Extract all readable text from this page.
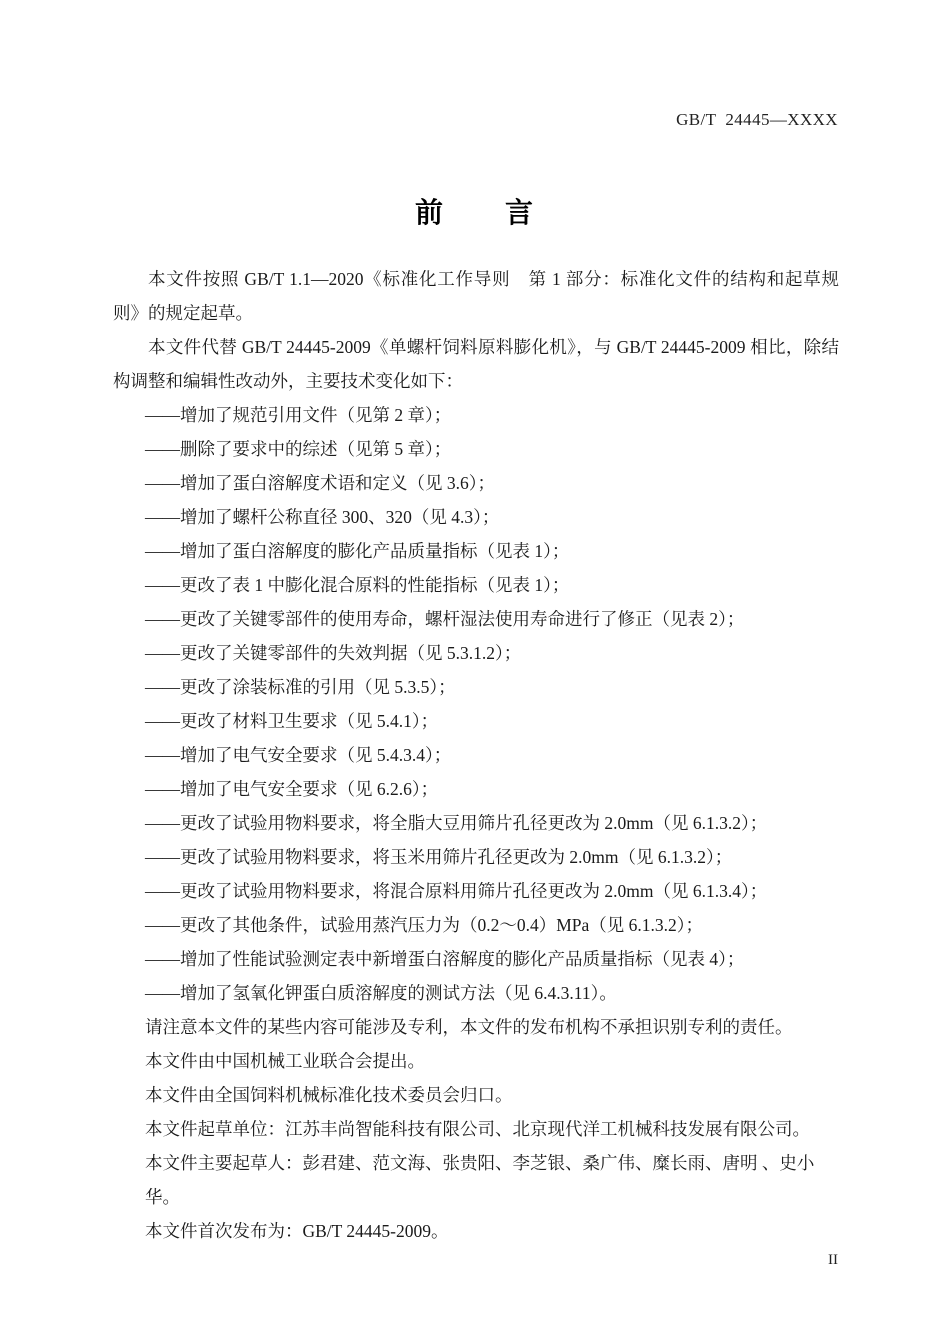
GB/T  24445—XXXX
前　　言

本文件按照 GB/T 1.1—2020《标准化工作导则　第 1 部分：标准化文件的结构和起草规则》的规定起草。

本文件代替 GB/T 24445-2009《单螺杆饲料原料膨化机》，与 GB/T 24445-2009 相比，除结构调整和编辑性改动外，主要技术变化如下：

——增加了规范引用文件（见第 2 章）；
——删除了要求中的综述（见第 5 章）；
——增加了蛋白溶解度术语和定义（见 3.6）；
——增加了螺杆公称直径 300、320（见 4.3）；
——增加了蛋白溶解度的膨化产品质量指标（见表 1）；
——更改了表 1 中膨化混合原料的性能指标（见表 1）；
——更改了关键零部件的使用寿命，螺杆湿法使用寿命进行了修正（见表 2）；
——更改了关键零部件的失效判据（见 5.3.1.2）；
——更改了涂装标准的引用（见 5.3.5）；
——更改了材料卫生要求（见 5.4.1）；
——增加了电气安全要求（见 5.4.3.4）；
——增加了电气安全要求（见 6.2.6）；
——更改了试验用物料要求，将全脂大豆用筛片孔径更改为 2.0mm（见 6.1.3.2）；
——更改了试验用物料要求，将玉米用筛片孔径更改为 2.0mm（见 6.1.3.2）；
——更改了试验用物料要求，将混合原料用筛片孔径更改为 2.0mm（见 6.1.3.4）；
——更改了其他条件，试验用蒸汽压力为（0.2～0.4）MPa（见 6.1.3.2）；
——增加了性能试验测定表中新增蛋白溶解度的膨化产品质量指标（见表 4）；
——增加了氢氧化钾蛋白质溶解度的测试方法（见 6.4.3.11）。

请注意本文件的某些内容可能涉及专利，本文件的发布机构不承担识别专利的责任。

本文件由中国机械工业联合会提出。

本文件由全国饲料机械标准化技术委员会归口。

本文件起草单位：江苏丰尚智能科技有限公司、北京现代洋工机械科技发展有限公司。

本文件主要起草人：彭君建、范文海、张贵阳、李芝银、桑广伟、糜长雨、唐明 、史小华。

本文件首次发布为：GB/T 24445-2009。

II
